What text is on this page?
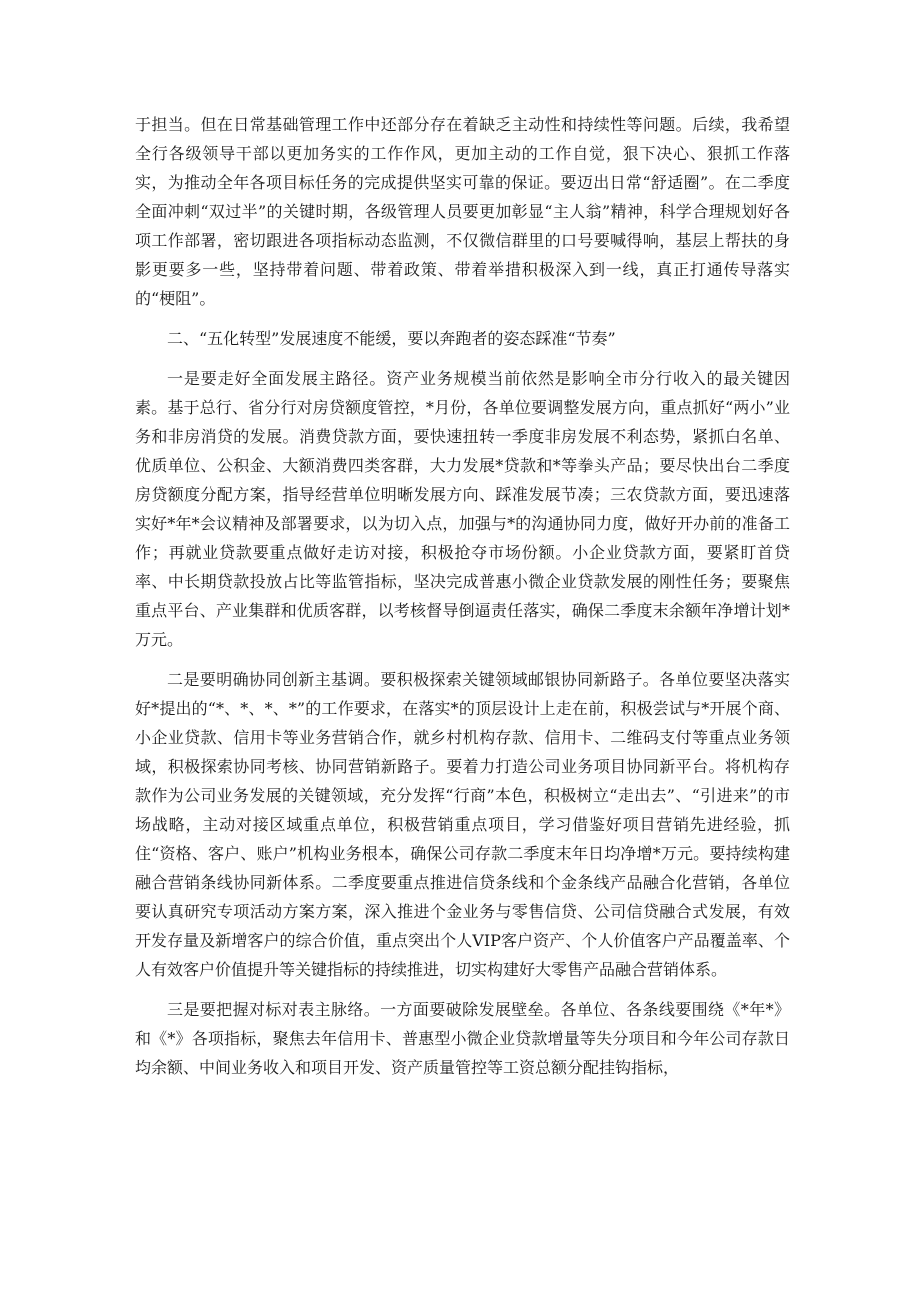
于担当。但在日常基础管理工作中还部分存在着缺乏主动性和持续性等问题。后续，我希望全行各级领导干部以更加务实的工作作风，更加主动的工作自觉，狠下决心、狠抓工作落实，为推动全年各项目标任务的完成提供坚实可靠的保证。要迈出日常“舒适圈”。在二季度全面冲刺“双过半”的关键时期，各级管理人员要更加彰显“主人翁”精神，科学合理规划好各项工作部署，密切跟进各项指标动态监测，不仅微信群里的口号要喊得响，基层上帮扶的身影更要多一些，坚持带着问题、带着政策、带着举措积极深入到一线，真正打通传导落实的“梗阻”。

二、“五化转型”发展速度不能缓，要以奔跑者的姿态踩准“节奏”

一是要走好全面发展主路径。资产业务规模当前依然是影响全市分行收入的最关键因素。基于总行、省分行对房贷额度管控，*月份，各单位要调整发展方向，重点抓好“两小”业务和非房消贷的发展。消费贷款方面，要快速扭转一季度非房发展不利态势，紧抓白名单、优质单位、公积金、大额消费四类客群，大力发展*贷款和*等拳头产品；要尽快出台二季度房贷额度分配方案，指导经营单位明晰发展方向、踩准发展节凑；三农贷款方面，要迅速落实好*年*会议精神及部署要求，以为切入点，加强与*的沟通协同力度，做好开办前的准备工作；再就业贷款要重点做好走访对接，积极抢夺市场份额。小企业贷款方面，要紧盯首贷率、中长期贷款投放占比等监管指标，坚决完成普惠小微企业贷款发展的刚性任务；要聚焦重点平台、产业集群和优质客群，以考核督导倒逼责任落实，确保二季度末余额年净增计划*万元。

二是要明确协同创新主基调。要积极探索关键领域邮银协同新路子。各单位要坚决落实好*提出的“*、*、*、*”的工作要求，在落实*的顶层设计上走在前，积极尝试与*开展个商、小企业贷款、信用卡等业务营销合作，就乡村机构存款、信用卡、二维码支付等重点业务领域，积极探索协同考核、协同营销新路子。要着力打造公司业务项目协同新平台。将机构存款作为公司业务发展的关键领域，充分发挥“行商”本色，积极树立“走出去”、“引进来”的市场战略，主动对接区域重点单位，积极营销重点项目，学习借鉴好项目营销先进经验，抓住“资格、客户、账户”机构业务根本，确保公司存款二季度末年日均净增*万元。要持续构建融合营销条线协同新体系。二季度要重点推进信贷条线和个金条线产品融合化营销，各单位要认真研究专项活动方案方案，深入推进个金业务与零售信贷、公司信贷融合式发展，有效开发存量及新增客户的综合价值，重点突出个人VIP客户资产、个人价值客户产品覆盖率、个人有效客户价值提升等关键指标的持续推进，切实构建好大零售产品融合营销体系。

三是要把握对标对表主脉络。一方面要破除发展壁垒。各单位、各条线要围绕《*年*》和《*》各项指标，聚焦去年信用卡、普惠型小微企业贷款增量等失分项目和今年公司存款日均余额、中间业务收入和项目开发、资产质量管控等工资总额分配挂钩指标，
